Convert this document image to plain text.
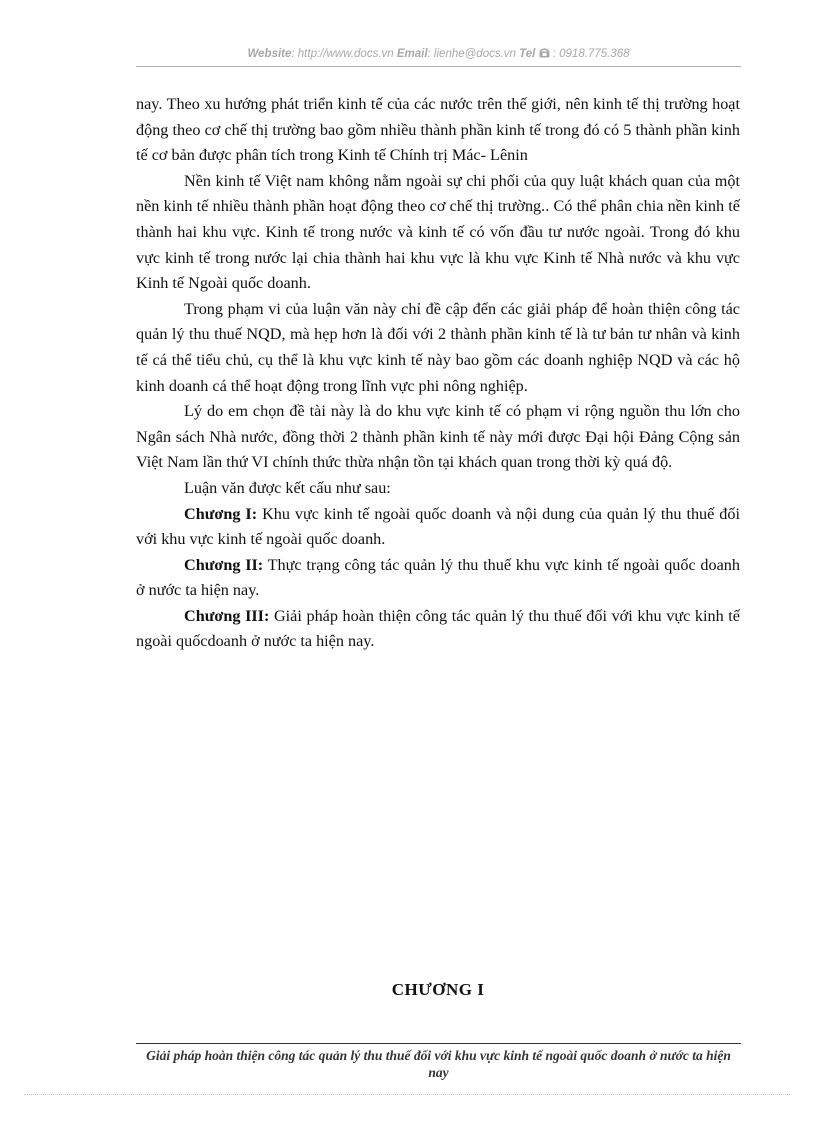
Website: http://www.docs.vn Email: lienhe@docs.vn Tel : 0918.775.368

nay. Theo xu hướng phát triển kinh tế của các nước trên thế giới, nên kinh tế thị trường hoạt động theo cơ chế thị trường bao gồm nhiều thành phần kinh tế trong đó có 5 thành phần kinh tế cơ bản được phân tích trong Kinh tế Chính trị Mác- Lênin

Nền kinh tế Việt nam không nằm ngoài sự chi phối của quy luật khách quan của một nền kinh tế nhiều thành phần hoạt động theo cơ chế thị trường.. Có thể phân chia nền kinh tế thành hai khu vực. Kinh tế trong nước và kinh tế có vốn đầu tư nước ngoài. Trong đó khu vực kinh tế trong nước lại chia thành hai khu vực là khu vực Kinh tế Nhà nước và khu vực Kinh tế Ngoài quốc doanh.

Trong phạm vi của luận văn này chỉ đề cập đến các giải pháp để hoàn thiện công tác quản lý thu thuế NQD, mà hẹp hơn là đối với 2 thành phần kinh tế là tư bản tư nhân và kinh tế cá thể tiểu chủ, cụ thể là khu vực kinh tế này bao gồm các doanh nghiệp NQD và các hộ kinh doanh cá thể hoạt động trong lĩnh vực phi nông nghiệp.

Lý do em chọn đề tài này là do khu vực kinh tế có phạm vi rộng nguồn thu lớn cho Ngân sách Nhà nước, đồng thời 2 thành phần kinh tế này mới được Đại hội Đảng Cộng sản Việt Nam lần thứ VI chính thức thừa nhận tồn tại khách quan trong thời kỳ quá độ.

Luận văn được kết cấu như sau:

Chương I: Khu vực kinh tế ngoài quốc doanh và nội dung của quản lý thu thuế đối với khu vực kinh tế ngoài quốc doanh.

Chương II: Thực trạng công tác quản lý thu thuế khu vực kinh tế ngoài quốc doanh ở nước ta hiện nay.

Chương III: Giải pháp hoàn thiện công tác quản lý thu thuế đối với khu vực kinh tế ngoài quốcdoanh ở nước ta hiện nay.

CHƯƠNG I
Giải pháp hoàn thiện công tác quản lý thu thuế đối với khu vực kinh tế ngoài quốc doanh ở nước ta hiện nay
